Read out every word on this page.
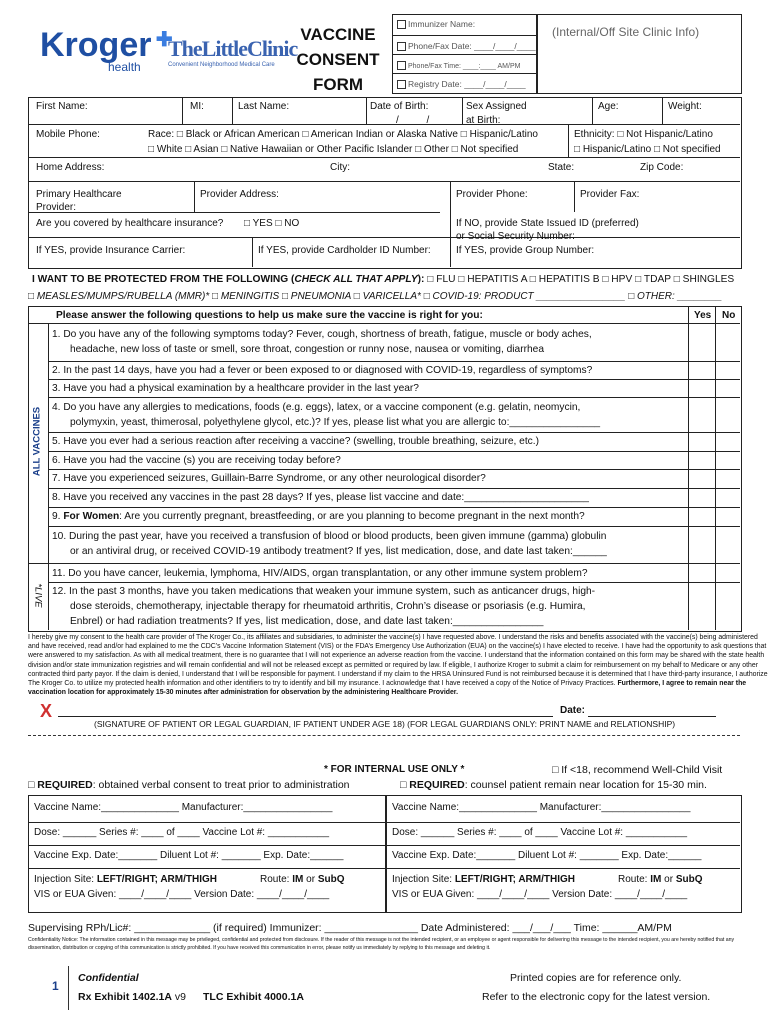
Kroger ✚
health
TheLittleClinic
Convenient Neighborhood Medical Care
VACCINE
CONSENT
FORM
Immunizer Name:
Phone/Fax Date: ____/____/____
Phone/Fax Time: ____:____ AM/PM
Registry Date: ____/____/____
(Internal/Off Site Clinic Info)
First Name:	MI:	Last Name:	Date of Birth:
/          /
Sex Assigned
at Birth:
Age:	Weight:
Mobile Phone:	Race: □ Black or African American □ American Indian or Alaska Native □ Hispanic/Latino
□ White □ Asian □ Native Hawaiian or Other Pacific Islander □ Other □ Not specified
Ethnicity: □ Not Hispanic/Latino
□ Hispanic/Latino □ Not specified
Home Address:	City:	State:	Zip Code:
Primary Healthcare
Provider:
Provider Address:	Provider Phone:	Provider Fax:
Are you covered by healthcare insurance? □ YES □ NO	If NO, provide State Issued ID (preferred)
or Social Security Number:
If YES, provide Group Number:
If YES, provide Insurance Carrier:	If YES, provide Cardholder ID Number:
I WANT TO BE PROTECTED FROM THE FOLLOWING (CHECK ALL THAT APPLY): □ FLU □ HEPATITIS A □ HEPATITIS B □ HPV □ TDAP □ SHINGLES
□ MEASLES/MUMPS/RUBELLA (MMR)* □ MENINGITIS □ PNEUMONIA □ VARICELLA* □ COVID-19: PRODUCT ________________ □ OTHER: ________
Please answer the following questions to help us make sure the vaccine is right for you:	Yes No
ALL VACCINES
*LIVE
1. Do you have any of the following symptoms today? Fever, cough, shortness of breath, fatigue, muscle or body aches,
headache, new loss of taste or smell, sore throat, congestion or runny nose, nausea or vomiting, diarrhea
2. In the past 14 days, have you had a fever or been exposed to or diagnosed with COVID-19, regardless of symptoms?
3. Have you had a physical examination by a healthcare provider in the last year?
4. Do you have any allergies to medications, foods (e.g. eggs), latex, or a vaccine component (e.g. gelatin, neomycin,
polymyxin, yeast, thimerosal, polyethylene glycol, etc.)? If yes, please list what you are allergic to:________________
5. Have you ever had a serious reaction after receiving a vaccine? (swelling, trouble breathing, seizure, etc.)
6. Have you had the vaccine (s) you are receiving today before?
7. Have you experienced seizures, Guillain-Barre Syndrome, or any other neurological disorder?
8. Have you received any vaccines in the past 28 days? If yes, please list vaccine and date:______________________
9. For Women: Are you currently pregnant, breastfeeding, or are you planning to become pregnant in the next month?
10. During the past year, have you received a transfusion of blood or blood products, been given immune (gamma) globulin
or an antiviral drug, or received COVID-19 antibody treatment? If yes, list medication, dose, and date last taken:______
11. Do you have cancer, leukemia, lymphoma, HIV/AIDS, organ transplantation, or any other immune system problem?
12. In the past 3 months, have you taken medications that weaken your immune system, such as anticancer drugs, high-
dose steroids, chemotherapy, injectable therapy for rheumatoid arthritis, Crohn’s disease or psoriasis (e.g. Humira,
Enbrel) or had radiation treatments? If yes, list medication, dose, and date last taken:________________
I hereby give my consent to the health care provider of The Kroger Co., its affiliates and subsidiaries, to administer the vaccine(s) I have requested above. I understand the risks and benefits associated with the vaccine(s) being administered and have received, read and/or had explained to me the CDC’s Vaccine Information Statement (VIS) or the FDA’s Emergency Use Authorization (EUA) on the vaccine(s) I have elected to receive. I have had the opportunity to ask questions that were answered to my satisfaction. As with all medical treatment, there is no guarantee that I will not experience an adverse reaction from the vaccine. I understand that the information contained on this form may be shared with the state health division and/or state immunization registries and will remain confidential and will not be released except as permitted or required by law. If eligible, I authorize Kroger to submit a claim for reimbursement on my behalf to Medicare or any other contracted third party payor. If the claim is denied, I understand that I will be responsible for payment. I understand if my claim to the HRSA Uninsured Fund is not reimbursed because it is determined that I have third-party insurance, I authorize The Kroger Co. to utilize my protected health information and other identifiers to try to identify and bill my insurance. I acknowledge that I have received a copy of the Notice of Privacy Practices. Furthermore, I agree to remain near the vaccination location for approximately 15-30 minutes after administration for observation by the administering Healthcare Provider.
X	Date:
(SIGNATURE OF PATIENT OR LEGAL GUARDIAN, IF PATIENT UNDER AGE 18) (FOR LEGAL GUARDIANS ONLY: PRINT NAME and RELATIONSHIP)
* FOR INTERNAL USE ONLY *	□ If <18, recommend Well-Child Visit
□ REQUIRED: obtained verbal consent to treat prior to administration	□ REQUIRED: counsel patient remain near location for 15-30 min.
Vaccine Name:______________ Manufacturer:________________
Dose: ______ Series #: ____ of ____ Vaccine Lot #: ___________
Vaccine Exp. Date:_______ Diluent Lot #: _______ Exp. Date:______
Injection Site: LEFT/RIGHT; ARM/THIGH	Route: IM or SubQ
VIS or EUA Given: ____/____/____ Version Date: ____/____/____
Vaccine Name:______________ Manufacturer:________________
Dose: ______ Series #: ____ of ____ Vaccine Lot #: ___________
Vaccine Exp. Date:_______ Diluent Lot #: _______ Exp. Date:______
Injection Site: LEFT/RIGHT; ARM/THIGH	Route: IM or SubQ
VIS or EUA Given: ____/____/____ Version Date: ____/____/____
Supervising RPh/Lic#: _____________ (if required) Immunizer: ________________ Date Administered: ___/___/___ Time: ______AM/PM
Confidentiality Notice: The information contained in this message may be privileged, confidential and protected from disclosure. If the reader of this message is not the intended recipient, or an employee or agent responsible for delivering this message to the intended recipient, you are hereby notified that any dissemination, distribution or copying of this communication is strictly prohibited. If you have received this communication in error, please notify us immediately by replying to this message and deleting it.
1
Confidential
Rx Exhibit 1402.1A v9 TLC Exhibit 4000.1A
Printed copies are for reference only.
Refer to the electronic copy for the latest version.
